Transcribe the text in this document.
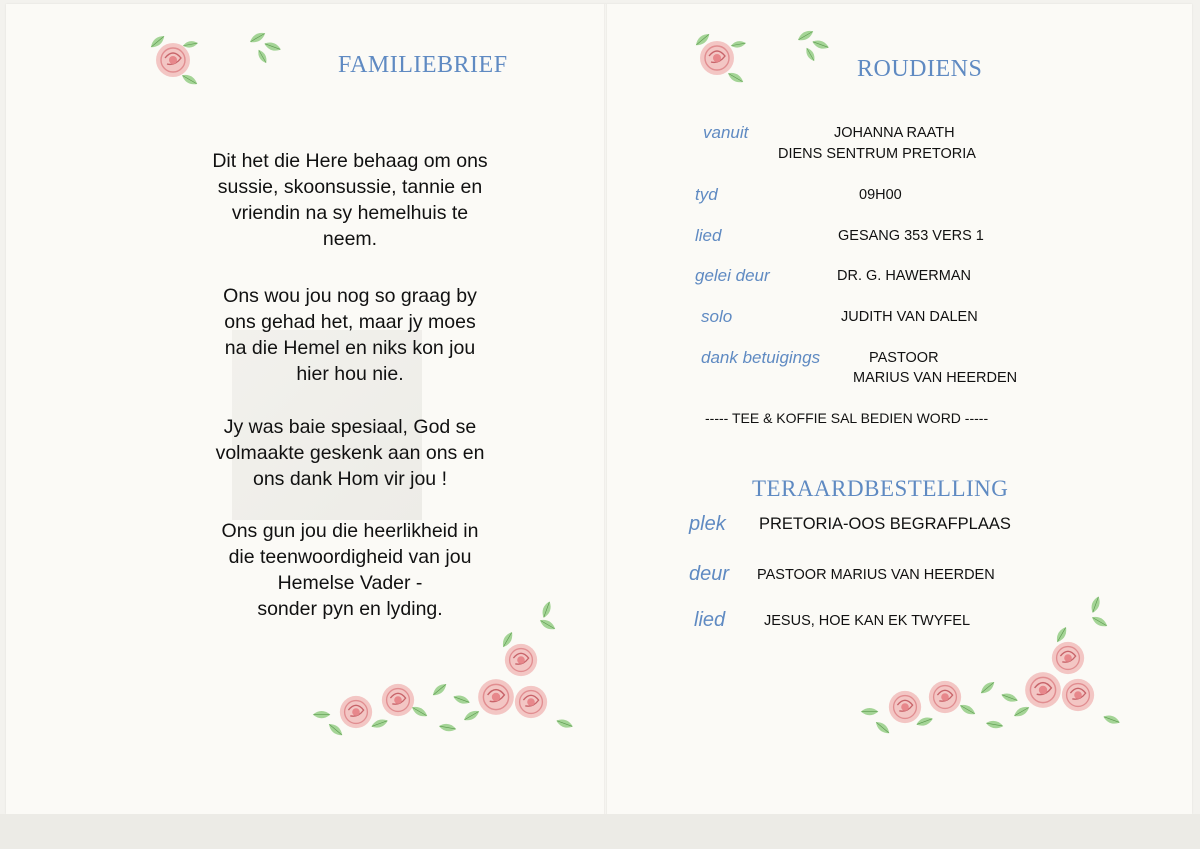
FAMILIEBRIEF

Dit het die Here behaag om ons

sussie, skoonsussie, tannie en

vriendin na sy hemelhuis te

neem.

Ons wou jou nog so graag by

ons gehad het, maar jy moes

na die Hemel en niks kon jou

hier hou nie.

Jy was baie spesiaal, God se

volmaakte geskenk aan ons en

ons dank Hom vir jou !

Ons gun jou die heerlikheid in

die teenwoordigheid van jou

Hemelse Vader -

sonder pyn en lyding.

ROUDIENS
vanuit	JOHANNA RAATH
DIENS SENTRUM PRETORIA
tyd	09H00
lied	GESANG 353 VERS 1
gelei deur	DR. G. HAWERMAN
solo	JUDITH VAN DALEN
dank betuigings	PASTOOR
MARIUS VAN HEERDEN
----- TEE & KOFFIE SAL BEDIEN WORD -----
TERAARDBESTELLING
plek PRETORIA-OOS BEGRAFPLAAS
deur PASTOOR MARIUS VAN HEERDEN
lied	JESUS, HOE KAN EK TWYFEL
